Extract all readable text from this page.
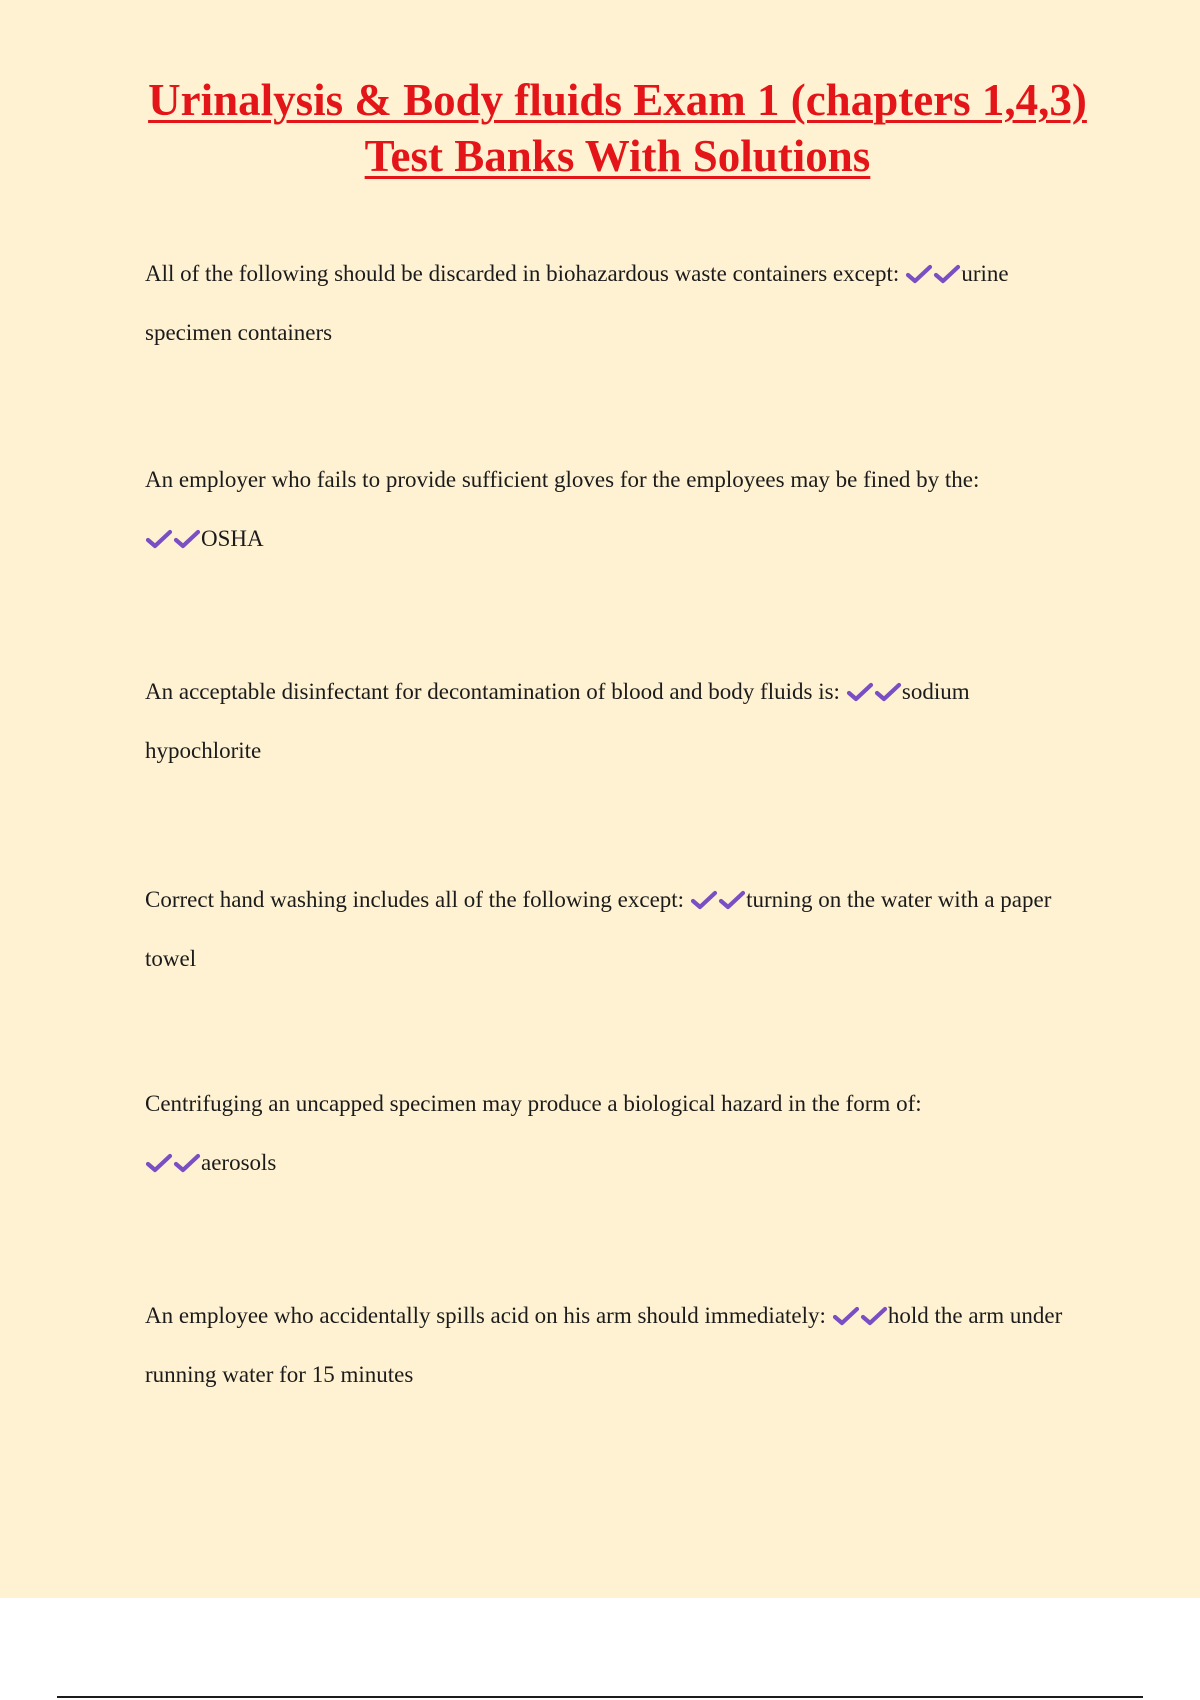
Urinalysis & Body fluids Exam 1 (chapters 1,4,3) Test Banks With Solutions

All of the following should be discarded in biohazardous waste containers except:	urine specimen containers

An employer who fails to provide sufficient gloves for the employees may be fined by the:

OSHA

An acceptable disinfectant for decontamination of blood and body fluids is:	sodium hypochlorite

Correct hand washing includes all of the following except:	turning on the water with a paper towel

Centrifuging an uncapped specimen may produce a biological hazard in the form of:

aerosols

An employee who accidentally spills acid on his arm should immediately:	hold the arm under running water for 15 minutes
